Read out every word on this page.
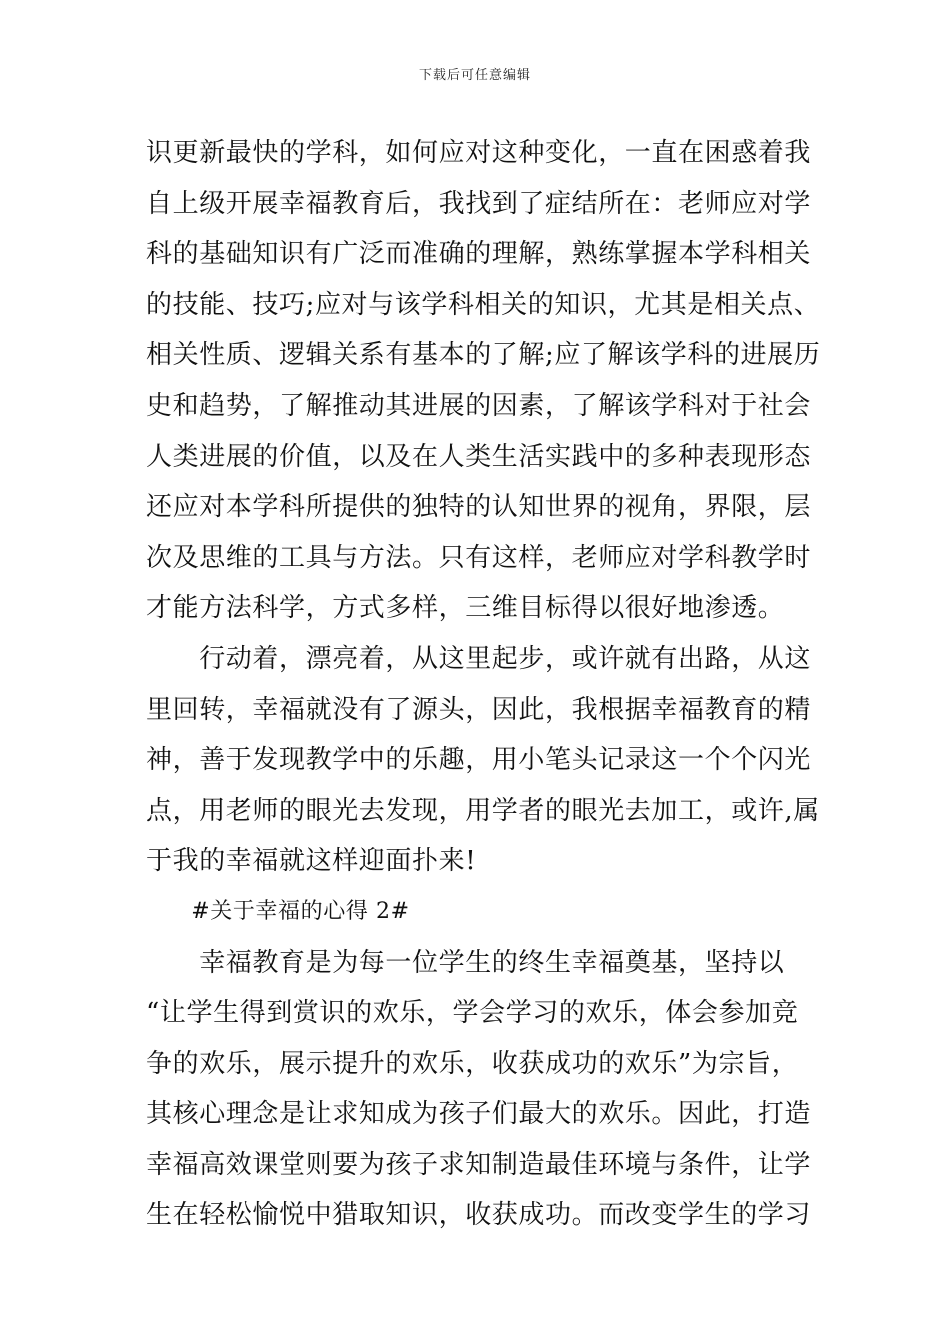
下载后可任意编辑
识更新最快的学科，如何应对这种变化，一直在困惑着我
自上级开展幸福教育后，我找到了症结所在：老师应对学
科的基础知识有广泛而准确的理解，熟练掌握本学科相关
的技能、技巧;应对与该学科相关的知识，尤其是相关点、
相关性质、逻辑关系有基本的了解;应了解该学科的进展历
史和趋势，了解推动其进展的因素，了解该学科对于社会
人类进展的价值，以及在人类生活实践中的多种表现形态
还应对本学科所提供的独特的认知世界的视角，界限，层
次及思维的工具与方法。只有这样，老师应对学科教学时
才能方法科学，方式多样，三维目标得以很好地渗透。
　　行动着，漂亮着，从这里起步，或许就有出路，从这
里回转，幸福就没有了源头，因此，我根据幸福教育的精
神，善于发现教学中的乐趣，用小笔头记录这一个个闪光
点，用老师的眼光去发现，用学者的眼光去加工，或许,属
于我的幸福就这样迎面扑来!
　　#关于幸福的心得 2#
　　幸福教育是为每一位学生的终生幸福奠基，坚持以
“让学生得到赏识的欢乐，学会学习的欢乐，体会参加竞
争的欢乐，展示提升的欢乐，收获成功的欢乐”为宗旨，
其核心理念是让求知成为孩子们最大的欢乐。因此，打造
幸福高效课堂则要为孩子求知制造最佳环境与条件，让学
生在轻松愉悦中猎取知识，收获成功。而改变学生的学习
